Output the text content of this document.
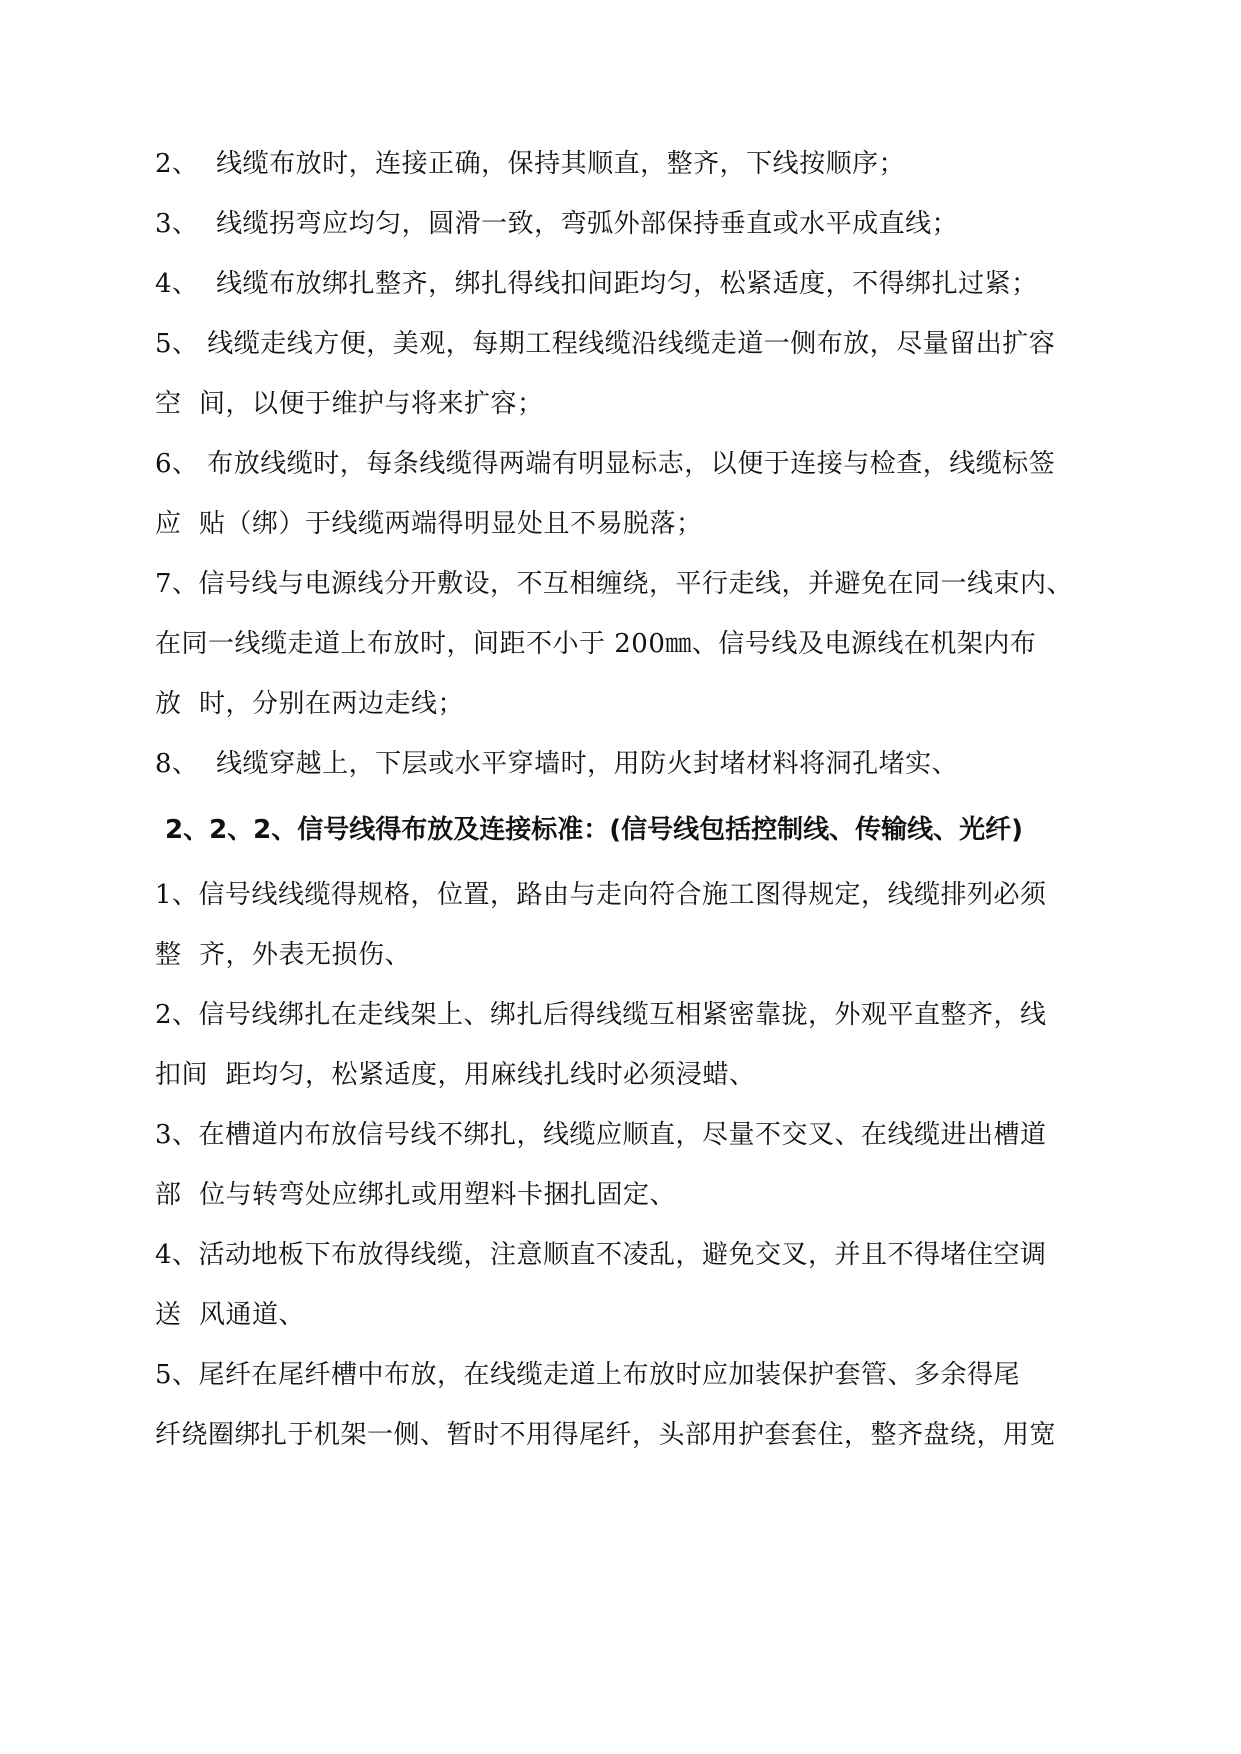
2、  线缆布放时，连接正确，保持其顺直，整齐，下线按顺序；
3、  线缆拐弯应均匀，圆滑一致，弯弧外部保持垂直或水平成直线；
4、  线缆布放绑扎整齐，绑扎得线扣间距均匀，松紧适度，不得绑扎过紧；
5、 线缆走线方便，美观，每期工程线缆沿线缆走道一侧布放，尽量留出扩容
空  间，以便于维护与将来扩容；
6、 布放线缆时，每条线缆得两端有明显标志，以便于连接与检查，线缆标签
应  贴（绑）于线缆两端得明显处且不易脱落；
7、信号线与电源线分开敷设，不互相缠绕，平行走线，并避免在同一线束内、
在同一线缆走道上布放时，间距不小于 200㎜、信号线及电源线在机架内布
放  时，分别在两边走线；
8、  线缆穿越上，下层或水平穿墙时，用防火封堵材料将洞孔堵实、
2、2、2、信号线得布放及连接标准：(信号线包括控制线、传输线、光纤)
1、信号线线缆得规格，位置，路由与走向符合施工图得规定，线缆排列必须
整  齐，外表无损伤、
2、信号线绑扎在走线架上、绑扎后得线缆互相紧密靠拢，外观平直整齐，线
扣间  距均匀，松紧适度，用麻线扎线时必须浸蜡、
3、在槽道内布放信号线不绑扎，线缆应顺直，尽量不交叉、在线缆进出槽道
部  位与转弯处应绑扎或用塑料卡捆扎固定、
4、活动地板下布放得线缆，注意顺直不凌乱，避免交叉，并且不得堵住空调
送  风通道、
5、尾纤在尾纤槽中布放，在线缆走道上布放时应加装保护套管、多余得尾
纤绕圈绑扎于机架一侧、暂时不用得尾纤，头部用护套套住，整齐盘绕，用宽
